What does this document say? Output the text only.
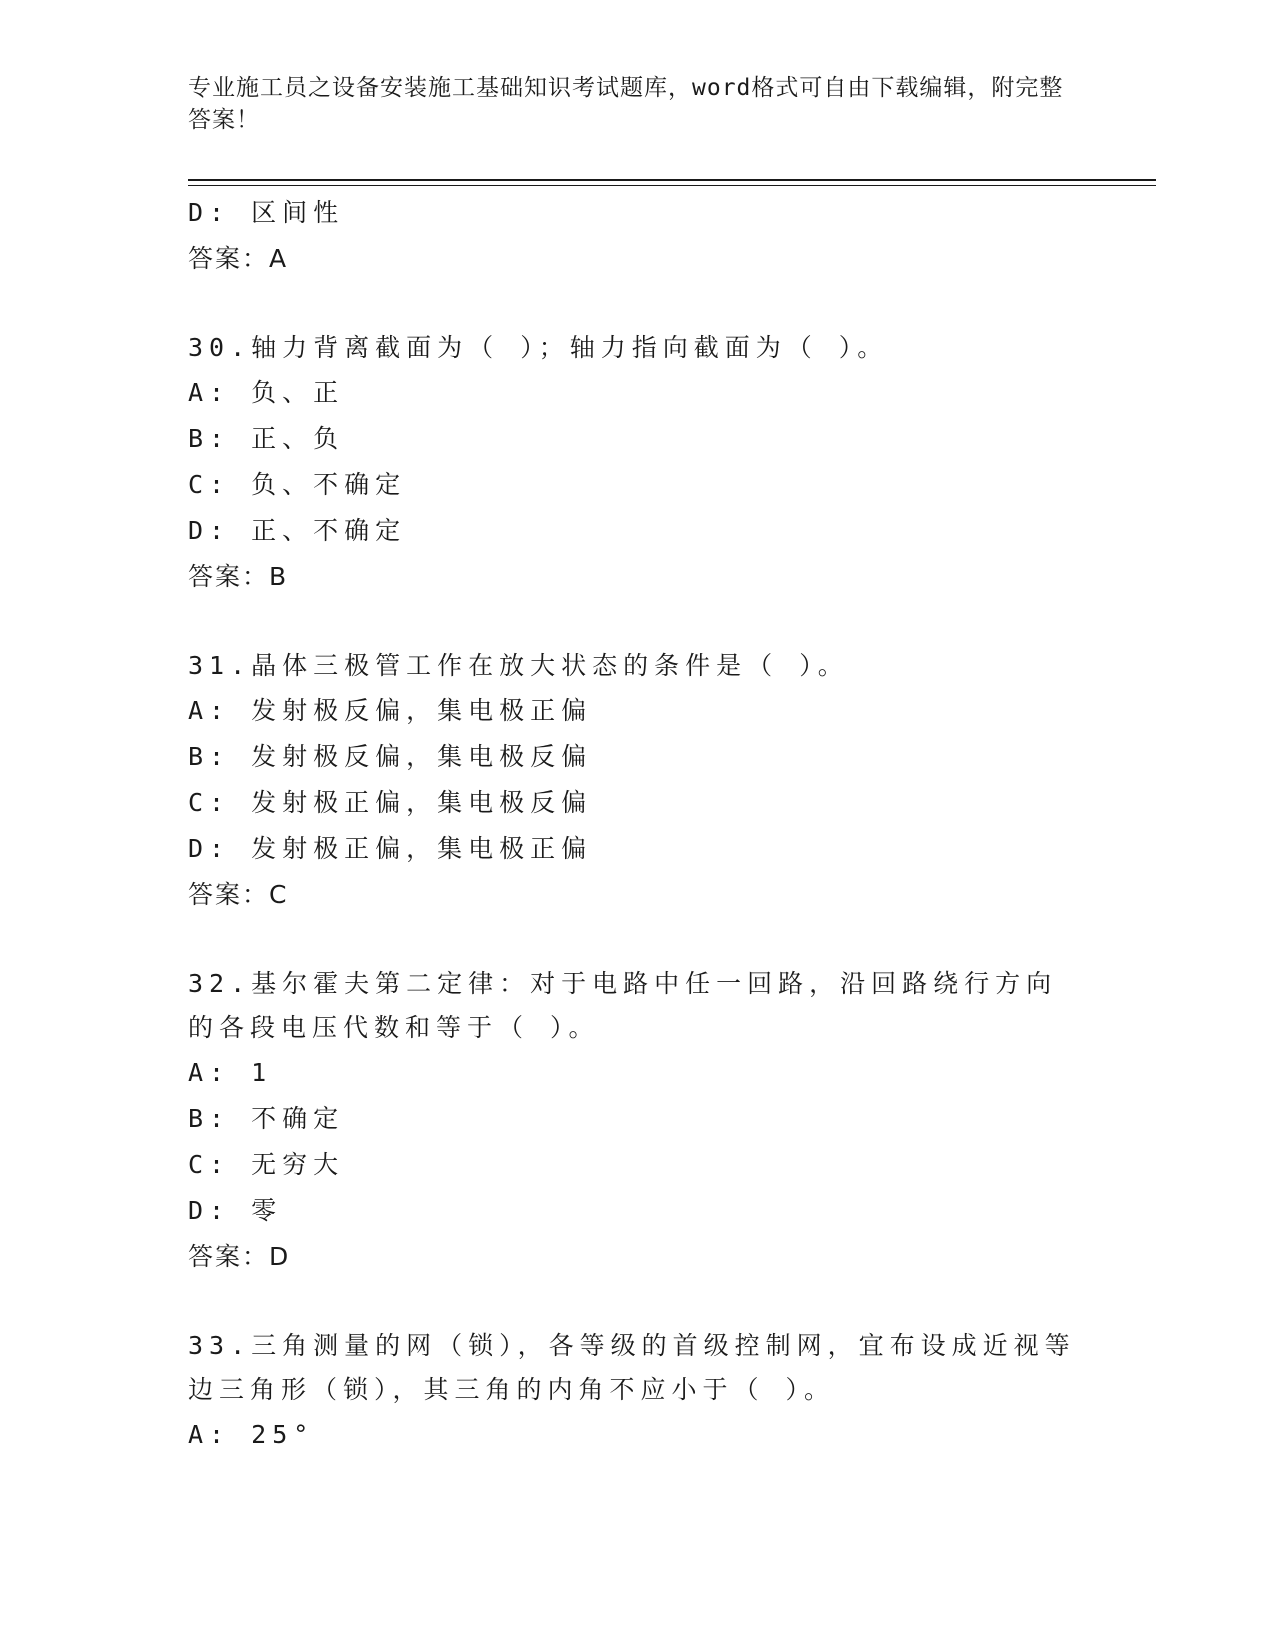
专业施工员之设备安装施工基础知识考试题库，word格式可自由下载编辑，附完整答案！
D: 区间性
答案：A
30.轴力背离截面为（ ）；轴力指向截面为（ ）。
A: 负、正
B: 正、负
C: 负、不确定
D: 正、不确定
答案：B
31.晶体三极管工作在放大状态的条件是（ ）。
A: 发射极反偏，集电极正偏
B: 发射极反偏，集电极反偏
C: 发射极正偏，集电极反偏
D: 发射极正偏，集电极正偏
答案：C
32.基尔霍夫第二定律：对于电路中任一回路，沿回路绕行方向的各段电压代数和等于（ ）。
A: 1
B: 不确定
C: 无穷大
D: 零
答案：D
33.三角测量的网（锁），各等级的首级控制网，宜布设成近视等边三角形（锁），其三角的内角不应小于（ ）。
A: 25°
